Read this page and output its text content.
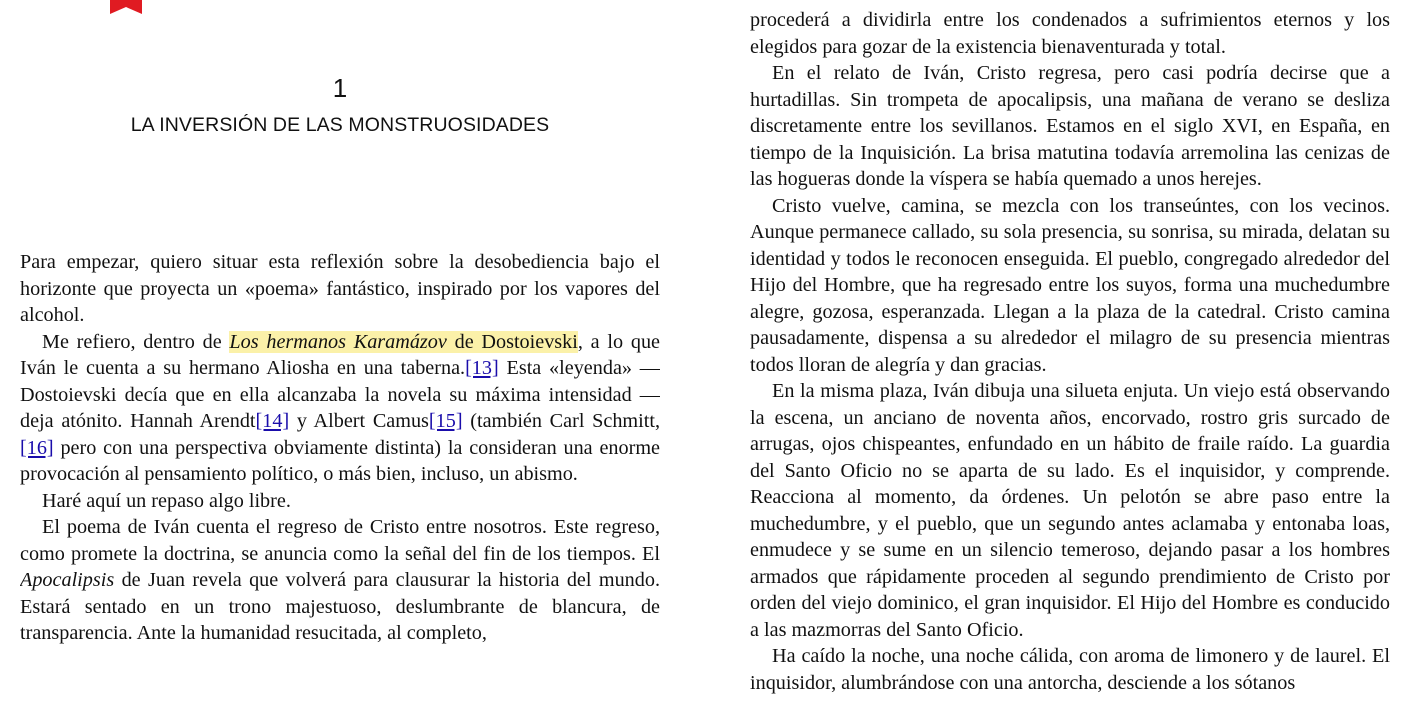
1
LA INVERSIÓN DE LAS MONSTRUOSIDADES

Para empezar, quiero situar esta reflexión sobre la desobediencia bajo el horizonte que proyecta un «poema» fantástico, inspirado por los vapores del alcohol.

Me refiero, dentro de Los hermanos Karamázov de Dostoievski, a lo que Iván le cuenta a su hermano Aliosha en una taberna.[13] Esta «leyenda» —Dostoievski decía que en ella alcanzaba la novela su máxima intensidad — deja atónito. Hannah Arendt[14] y Albert Camus[15] (también Carl Schmitt,[16] pero con una perspectiva obviamente distinta) la consideran una enorme provocación al pensamiento político, o más bien, incluso, un abismo.

Haré aquí un repaso algo libre.

El poema de Iván cuenta el regreso de Cristo entre nosotros. Este regreso, como promete la doctrina, se anuncia como la señal del fin de los tiempos. El Apocalipsis de Juan revela que volverá para clausurar la historia del mundo. Estará sentado en un trono majestuoso, deslumbrante de blancura, de transparencia. Ante la humanidad resucitada, al completo,

procederá a dividirla entre los condenados a sufrimientos eternos y los elegidos para gozar de la existencia bienaventurada y total.

En el relato de Iván, Cristo regresa, pero casi podría decirse que a hurtadillas. Sin trompeta de apocalipsis, una mañana de verano se desliza discretamente entre los sevillanos. Estamos en el siglo XVI, en España, en tiempo de la Inquisición. La brisa matutina todavía arremolina las cenizas de las hogueras donde la víspera se había quemado a unos herejes.

Cristo vuelve, camina, se mezcla con los transeúntes, con los vecinos. Aunque permanece callado, su sola presencia, su sonrisa, su mirada, delatan su identidad y todos le reconocen enseguida. El pueblo, congregado alrededor del Hijo del Hombre, que ha regresado entre los suyos, forma una muchedumbre alegre, gozosa, esperanzada. Llegan a la plaza de la catedral. Cristo camina pausadamente, dispensa a su alrededor el milagro de su presencia mientras todos lloran de alegría y dan gracias.

En la misma plaza, Iván dibuja una silueta enjuta. Un viejo está observando la escena, un anciano de noventa años, encorvado, rostro gris surcado de arrugas, ojos chispeantes, enfundado en un hábito de fraile raído. La guardia del Santo Oficio no se aparta de su lado. Es el inquisidor, y comprende. Reacciona al momento, da órdenes. Un pelotón se abre paso entre la muchedumbre, y el pueblo, que un segundo antes aclamaba y entonaba loas, enmudece y se sume en un silencio temeroso, dejando pasar a los hombres armados que rápidamente proceden al segundo prendimiento de Cristo por orden del viejo dominico, el gran inquisidor. El Hijo del Hombre es conducido a las mazmorras del Santo Oficio.

Ha caído la noche, una noche cálida, con aroma de limonero y de laurel. El inquisidor, alumbrándose con una antorcha, desciende a los sótanos
